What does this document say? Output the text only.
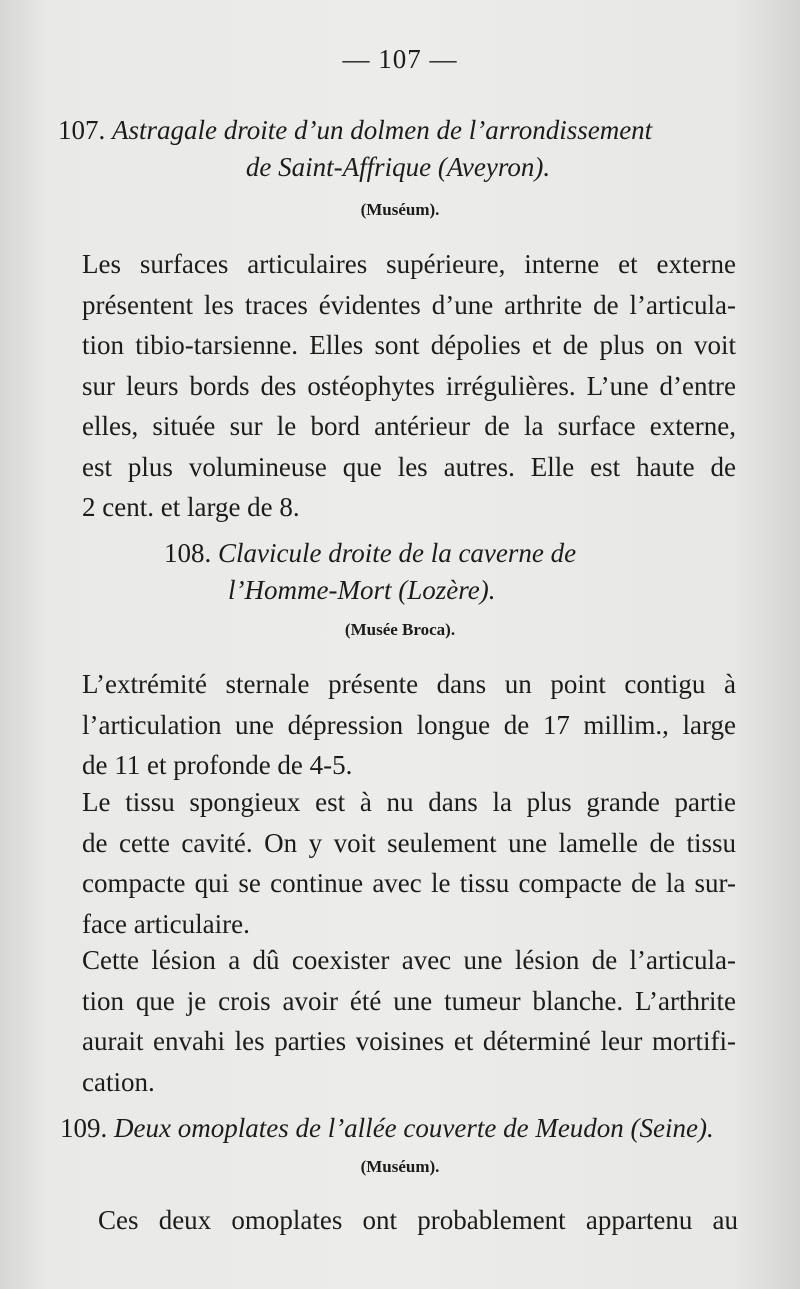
— 107 —
107. Astragale droite d’un dolmen de l’arrondissement
de Saint-Affrique (Aveyron).
(Muséum).
Les surfaces articulaires supérieure, interne et externe
présentent les traces évidentes d’une arthrite de l’articula-
tion tibio-tarsienne. Elles sont dépolies et de plus on voit
sur leurs bords des ostéophytes irrégulières. L’une d’entre
elles, située sur le bord antérieur de la surface externe,
est plus volumineuse que les autres. Elle est haute de
2 cent. et large de 8.
108. Clavicule droite de la caverne de
l’Homme-Mort (Lozère).
(Musée Broca).
L’extrémité sternale présente dans un point contigu à
l’articulation une dépression longue de 17 millim., large
de 11 et profonde de 4-5.
Le tissu spongieux est à nu dans la plus grande partie
de cette cavité. On y voit seulement une lamelle de tissu
compacte qui se continue avec le tissu compacte de la sur-
face articulaire.
Cette lésion a dû coexister avec une lésion de l’articula-
tion que je crois avoir été une tumeur blanche. L’arthrite
aurait envahi les parties voisines et déterminé leur mortifi-
cation.
109. Deux omoplates de l’allée couverte de Meudon (Seine).
(Muséum).
Ces deux omoplates ont probablement appartenu au
